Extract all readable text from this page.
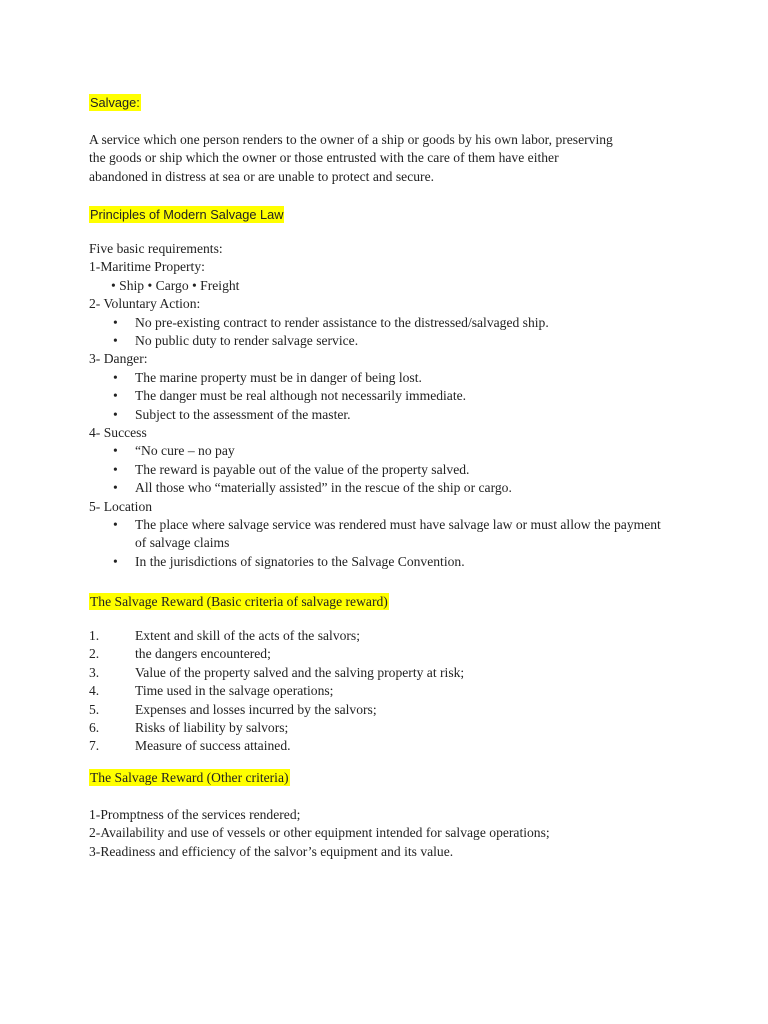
Salvage:
A service which one person renders to the owner of a ship or goods by his own labor, preserving
the goods or ship which the owner or those entrusted with the care of them have either
abandoned in distress at sea or are unable to protect and secure.
Principles of Modern Salvage Law
Five basic requirements:
1-Maritime Property:
• Ship • Cargo • Freight
2- Voluntary Action:
• No pre-existing contract to render assistance to the distressed/salvaged ship.
• No public duty to render salvage service.
3- Danger:
• The marine property must be in danger of being lost.
• The danger must be real although not necessarily immediate.
• Subject to the assessment of the master.
4- Success
• “No cure – no pay
• The reward is payable out of the value of the property salved.
• All those who “materially assisted” in the rescue of the ship or cargo.
5- Location
• The place where salvage service was rendered must have salvage law or must allow the payment of salvage claims
• In the jurisdictions of signatories to the Salvage Convention.
The Salvage Reward (Basic criteria of salvage reward)
1.	Extent and skill of the acts of the salvors;
2.	the dangers encountered;
3.	Value of the property salved and the salving property at risk;
4.	Time used in the salvage operations;
5.	Expenses and losses incurred by the salvors;
6.	Risks of liability by salvors;
7.	Measure of success attained.
The Salvage Reward (Other criteria)
1-Promptness of the services rendered;
2-Availability and use of vessels or other equipment intended for salvage operations;
3-Readiness and efficiency of the salvor’s equipment and its value.
